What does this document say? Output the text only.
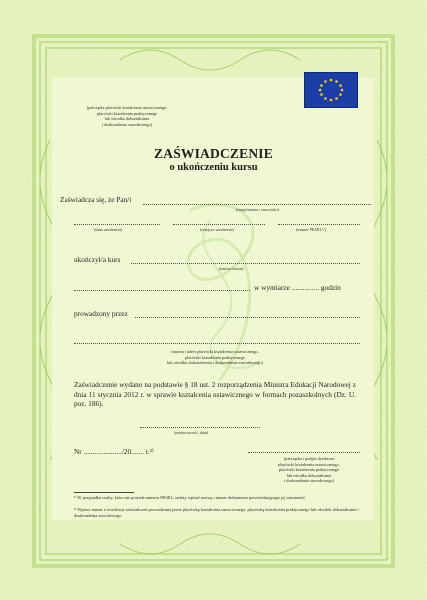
(pieczątka placówki kształcenia ustawicznego,
placówki kształcenia praktycznego
lub ośrodka dokształcania
i doskonalenia zawodowego)
ZAŚWIADCZENIE
o ukończeniu kursu
Zaświadcza się, że Pan/i
(imię/imiona i nazwisko)
(data urodzenia)	(miejsce urodzenia)	(numer PESEL¹⁾)
ukończył/a kurs
(nazwa kursu)
w wymiarze ............... godzin
prowadzony przez
(nazwa i adres placówki kształcenia ustawicznego,
placówki kształcenia praktycznego
lub ośrodka dokształcania i doskonalenia zawodowego)
Zaświadczenie wydano na podstawie § 18 ust. 2 rozporządzenia Ministra Edukacji Narodowej z dnia 11 stycznia 2012 r. w sprawie kształcenia ustawicznego w formach pozaszkolnych (Dz. U. poz. 186).
(miejscowość, data)
Nr ...................../20....... r.²⁾
(pieczątka i podpis dyrektora
placówki kształcenia ustawicznego,
placówki kształcenia praktycznego
lub ośrodka dokształcania
i doskonalenia zawodowego)
¹⁾ W przypadku osoby, która nie posiada numeru PESEL, należy wpisać nazwę i numer dokumentu potwierdzającego jej tożsamość.
²⁾ Wpisać numer z ewidencji zaświadczeń prowadzonej przez placówkę kształcenia ustawicznego, placówkę kształcenia praktycznego lub ośrodek dokształcania i doskonalenia zawodowego.
